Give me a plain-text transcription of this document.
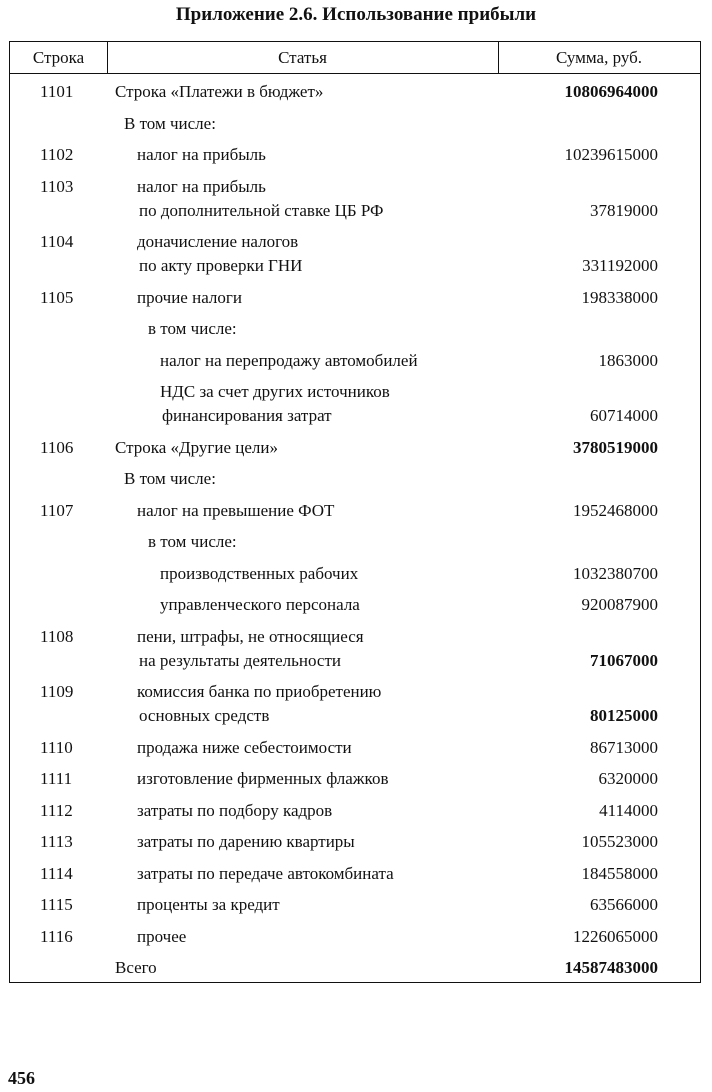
Приложение 2.6. Использование прибыли
Строка	Статья	Сумма, руб.
1101 Строка «Платежи в бюджет»	10806964000
В том числе:
1102	налог на прибыль	10239615000
1103	налог на прибыль
по дополнительной ставке ЦБ РФ	37819000
1104	доначисление налогов
по акту проверки ГНИ	331192000
1105	прочие налоги	198338000
в том числе:
налог на перепродажу автомобилей	1863000
НДС за счет других источников
финансирования затрат	60714000
1106 Строка «Другие цели»	3780519000
В том числе:
1107	налог на превышение ФОТ	1952468000
в том числе:
производственных рабочих	1032380700
управленческого персонала	920087900
1108	пени, штрафы, не относящиеся
на результаты деятельности	71067000
1109	комиссия банка по приобретению
основных средств	80125000
1110	продажа ниже себестоимости	86713000
1111	изготовление фирменных флажков	6320000
1112	затраты по подбору кадров	4114000
1113	затраты по дарению квартиры	105523000
1114	затраты по передаче автокомбината	184558000
1115	проценты за кредит	63566000
1116	прочее	1226065000
Всего	14587483000
456
